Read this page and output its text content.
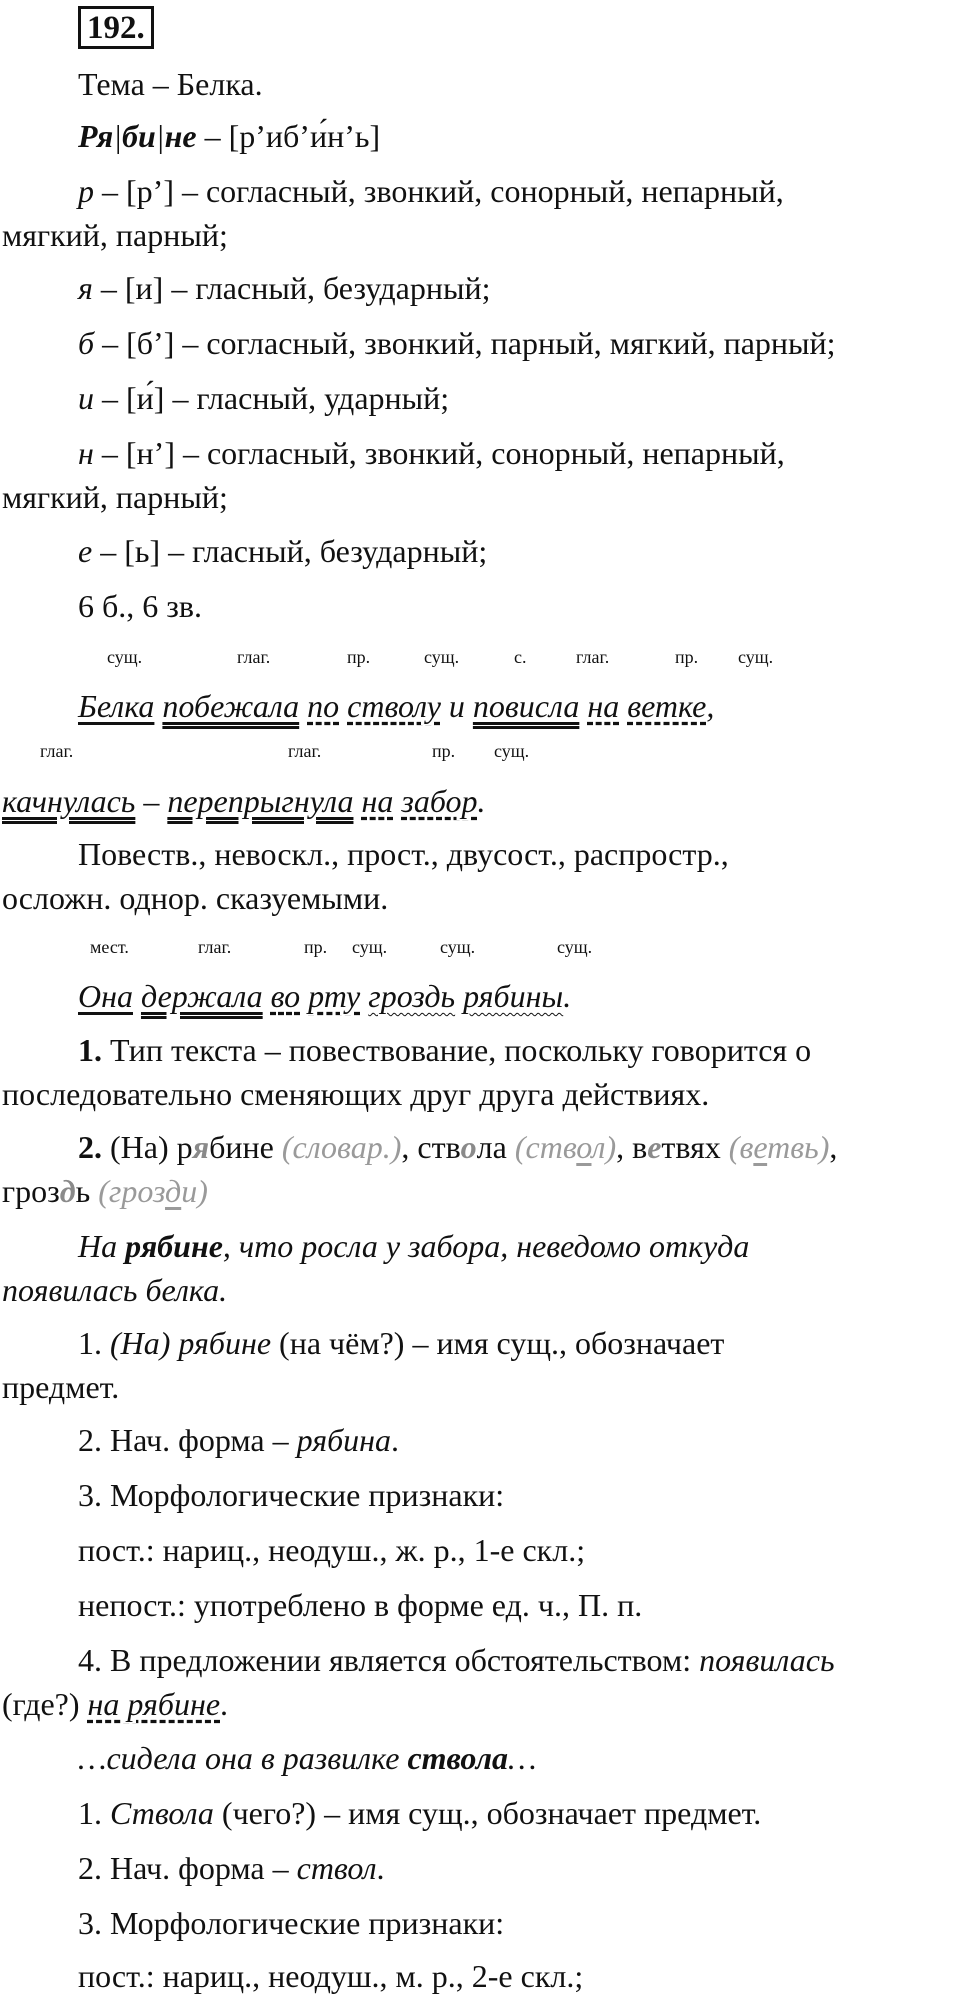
192.
Тема – Белка.
Ря|би|не – [р’иб’и́н’ь]
р – [р’] – согласный, звонкий, сонорный, непарный,
мягкий, парный;
я – [и] – гласный, безударный;
б – [б’] – согласный, звонкий, парный, мягкий, парный;
и – [и́] – гласный, ударный;
н – [н’] – согласный, звонкий, сонорный, непарный,
мягкий, парный;
е – [ь] – гласный, безударный;
6 б., 6 зв.
сущ.	глаг.	пр.	сущ.	с.	глаг.	пр. сущ.
Белка побежала по стволу и повисла на ветке,
глаг.	глаг.	пр. сущ.
качнулась – перепрыгнула на забор.
Повеств., невоскл., прост., двусост., распростр.,
осложн. однор. сказуемыми.
мест.	глаг.	пр. сущ.	сущ.	сущ.
Она держала во рту гроздь рябины.
1. Тип текста – повествование, поскольку говорится о
последовательно сменяющих друг друга действиях.
2. (На) рябине (словар.), ствола (ствол), ветвях (ветвь),
гроздь (грозди)
На рябине, что росла у забора, неведомо откуда
появилась белка.
1. (На) рябине (на чём?) – имя сущ., обозначает
предмет.
2. Нач. форма – рябина.
3. Морфологические признаки:
пост.: нариц., неодуш., ж. р., 1-е скл.;
непост.: употреблено в форме ед. ч., П. п.
4. В предложении является обстоятельством: появилась
(где?) на рябине.
…сидела она в развилке ствола…
1. Ствола (чего?) – имя сущ., обозначает предмет.
2. Нач. форма – ствол.
3. Морфологические признаки:
пост.: нариц., неодуш., м. р., 2-е скл.;
